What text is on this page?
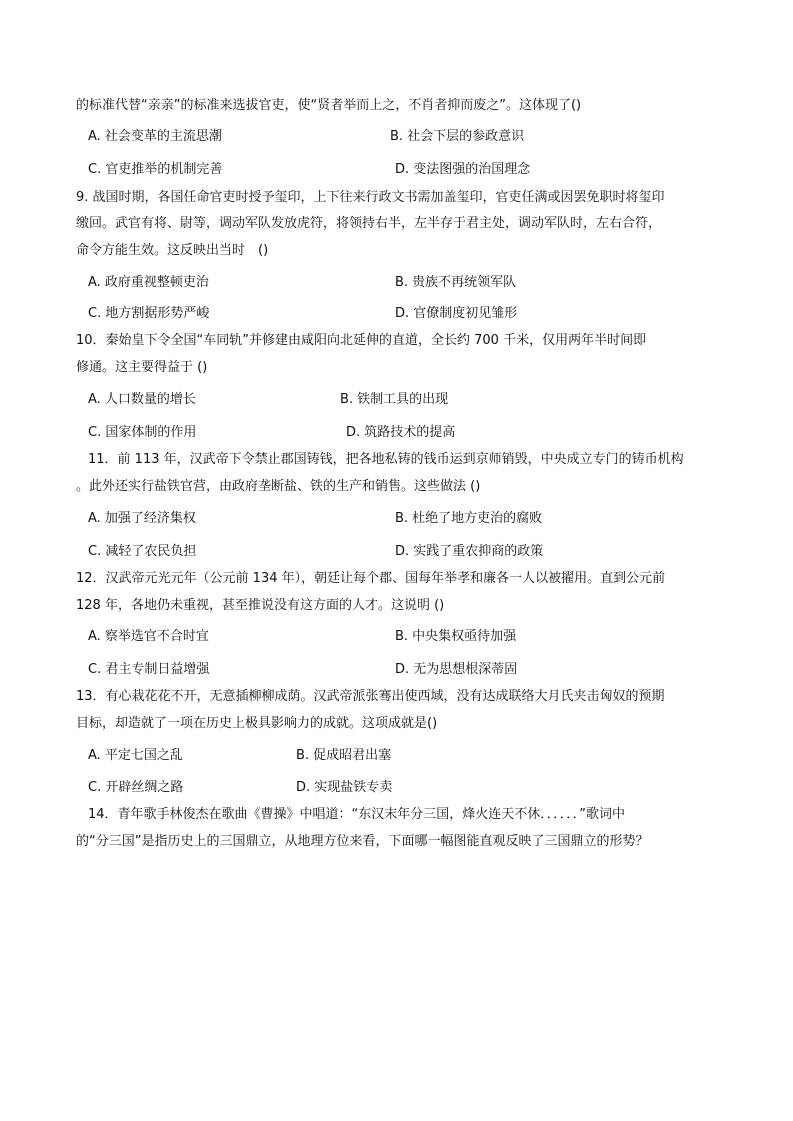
的标准代替“亲亲”的标准来选拔官吏，使“贤者举而上之，不肖者抑而废之”。这体现了()
A. 社会变革的主流思潮	B. 社会下层的参政意识
C. 官吏推举的机制完善	D. 变法图强的治国理念
9. 战国时期，各国任命官吏时授予玺印，上下往来行政文书需加盖玺印，官吏任满或因罢免职时将玺印
缴回。武官有将、尉等，调动军队发放虎符，将领持右半，左半存于君主处，调动军队时，左右合符，
命令方能生效。这反映出当时　()
A. 政府重视整顿吏治	B. 贵族不再统领军队
C. 地方割据形势严峻	D. 官僚制度初见雏形
10．秦始皇下令全国“车同轨”并修建由咸阳向北延伸的直道，全长约 700 千米，仅用两年半时间即
修通。这主要得益于 ()
A. 人口数量的增长	B. 铁制工具的出现
C. 国家体制的作用	D. 筑路技术的提高
11．前 113 年，汉武帝下令禁止郡国铸钱，把各地私铸的钱币运到京师销毁，中央成立专门的铸币机构
。此外还实行盐铁官营，由政府垄断盐、铁的生产和销售。这些做法 ()
A. 加强了经济集权	B. 杜绝了地方吏治的腐败
C. 减轻了农民负担	D. 实践了重农抑商的政策
12．汉武帝元光元年（公元前 134 年），朝廷让每个郡、国每年举孝和廉各一人以被擢用。直到公元前
128 年，各地仍未重视，甚至推说没有这方面的人才。这说明 ()
A. 察举选官不合时宜	B. 中央集权亟待加强
C. 君主专制日益增强	D. 无为思想根深蒂固
13．有心栽花花不开，无意插柳柳成荫。汉武帝派张骞出使西域，没有达成联络大月氏夹击匈奴的预期
目标，却造就了一项在历史上极具影响力的成就。这项成就是()
A. 平定七国之乱	B. 促成昭君出塞
C. 开辟丝绸之路	D. 实现盐铁专卖
14．青年歌手林俊杰在歌曲《曹操》中唱道：“东汉末年分三国，烽火连天不休．．．．．．”歌词中
的“分三国”是指历史上的三国鼎立，从地理方位来看，下面哪一幅图能直观反映了三国鼎立的形势？
